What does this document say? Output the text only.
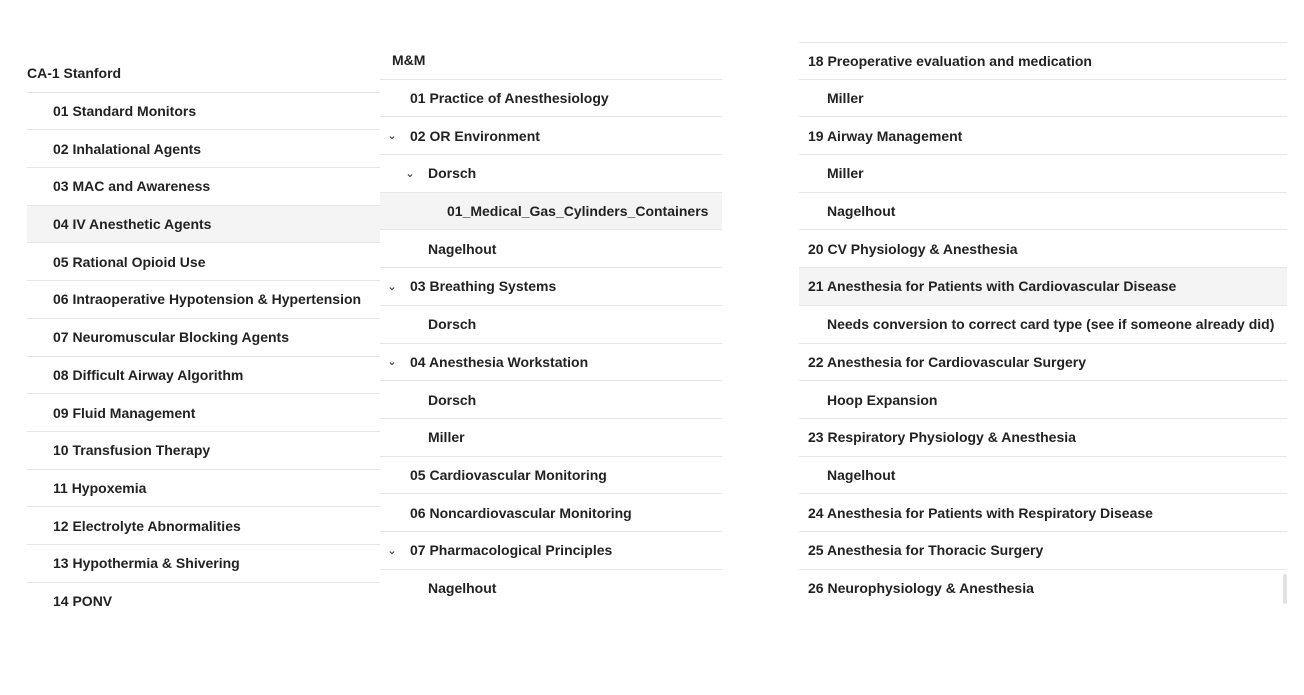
CA-1 Stanford
01 Standard Monitors
02 Inhalational Agents
03 MAC and Awareness
04 IV Anesthetic Agents
05 Rational Opioid Use
06 Intraoperative Hypotension & Hypertension
07 Neuromuscular Blocking Agents
08 Difficult Airway Algorithm
09 Fluid Management
10 Transfusion Therapy
11 Hypoxemia
12 Electrolyte Abnormalities
13 Hypothermia & Shivering
14 PONV
M&M
01 Practice of Anesthesiology
⌄ 02 OR Environment
⌄ Dorsch
01_Medical_Gas_Cylinders_Containers
Nagelhout
⌄ 03 Breathing Systems
Dorsch
⌄ 04 Anesthesia Workstation
Dorsch
Miller
05 Cardiovascular Monitoring
06 Noncardiovascular Monitoring
⌄ 07 Pharmacological Principles
Nagelhout
18 Preoperative evaluation and medication
Miller
19 Airway Management
Miller
Nagelhout
20 CV Physiology & Anesthesia
21 Anesthesia for Patients with Cardiovascular Disease
Needs conversion to correct card type (see if someone already did)
22 Anesthesia for Cardiovascular Surgery
Hoop Expansion
23 Respiratory Physiology & Anesthesia
Nagelhout
24 Anesthesia for Patients with Respiratory Disease
25 Anesthesia for Thoracic Surgery
26 Neurophysiology & Anesthesia
